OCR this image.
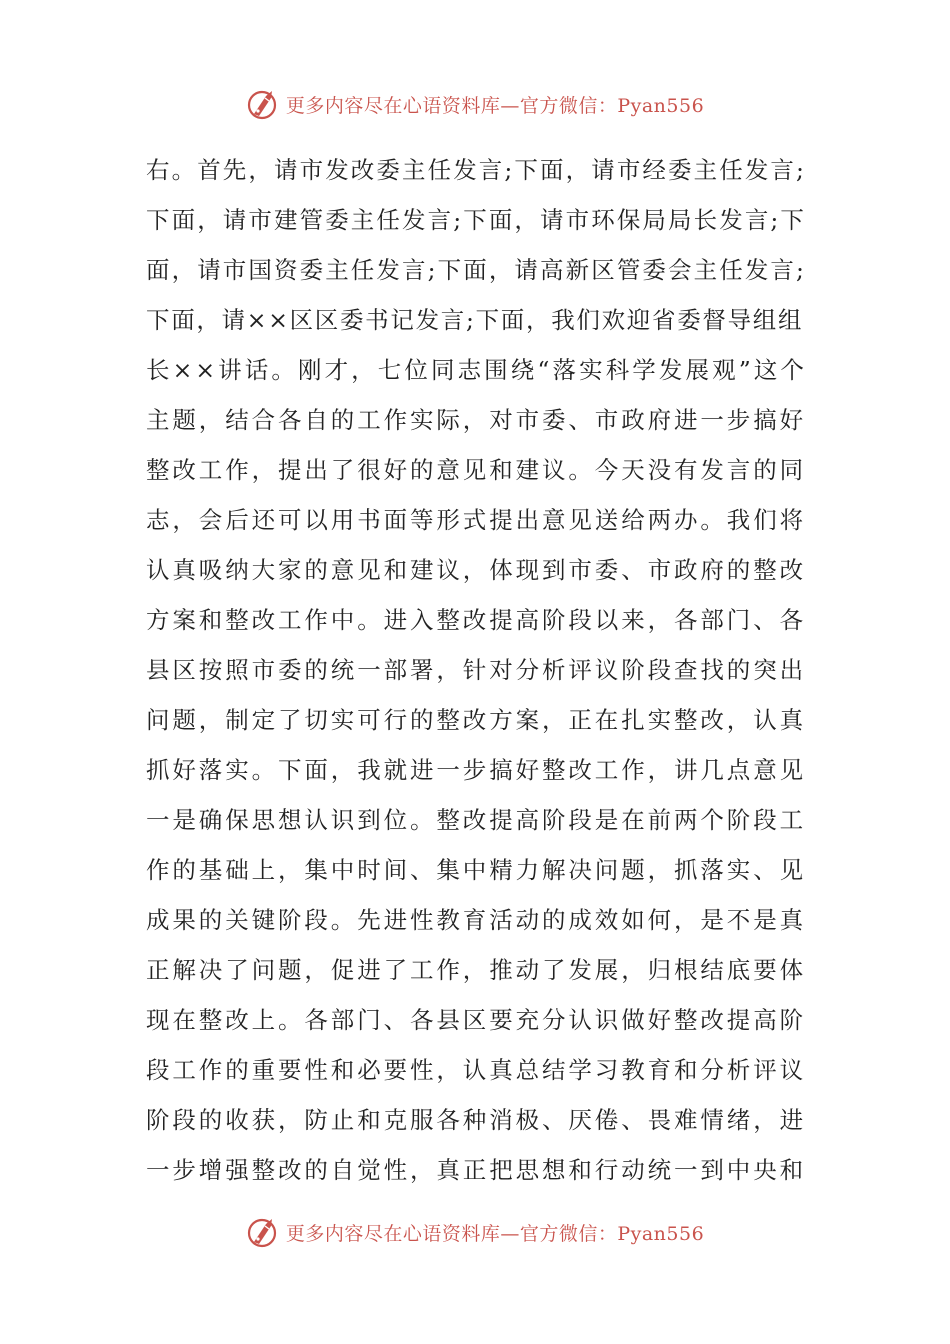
更多内容尽在心语资料库—官方微信：Pyan556
右。首先，请市发改委主任发言;下面，请市经委主任发言;
下面，请市建管委主任发言;下面，请市环保局局长发言;下
面，请市国资委主任发言;下面，请高新区管委会主任发言;
下面，请××区区委书记发言;下面，我们欢迎省委督导组组
长××讲话。刚才，七位同志围绕“落实科学发展观”这个
主题，结合各自的工作实际，对市委、市政府进一步搞好
整改工作，提出了很好的意见和建议。今天没有发言的同
志，会后还可以用书面等形式提出意见送给两办。我们将
认真吸纳大家的意见和建议，体现到市委、市政府的整改
方案和整改工作中。进入整改提高阶段以来，各部门、各
县区按照市委的统一部署，针对分析评议阶段查找的突出
问题，制定了切实可行的整改方案，正在扎实整改，认真
抓好落实。下面，我就进一步搞好整改工作，讲几点意见
一是确保思想认识到位。整改提高阶段是在前两个阶段工
作的基础上，集中时间、集中精力解决问题，抓落实、见
成果的关键阶段。先进性教育活动的成效如何，是不是真
正解决了问题，促进了工作，推动了发展，归根结底要体
现在整改上。各部门、各县区要充分认识做好整改提高阶
段工作的重要性和必要性，认真总结学习教育和分析评议
阶段的收获，防止和克服各种消极、厌倦、畏难情绪，进
一步增强整改的自觉性，真正把思想和行动统一到中央和
更多内容尽在心语资料库—官方微信：Pyan556
